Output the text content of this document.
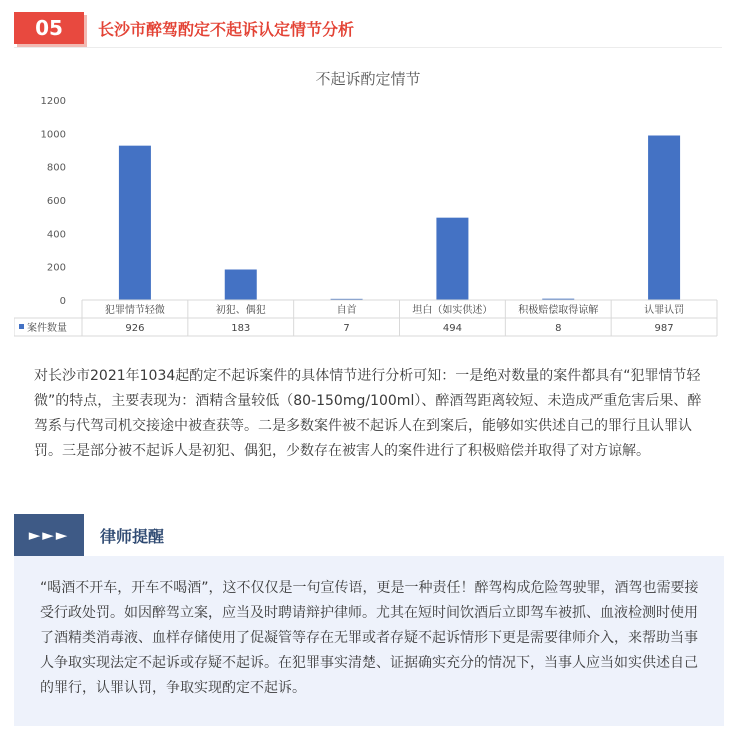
05	长沙市醉驾酌定不起诉认定情节分析
不起诉酌定情节
0
200
400
600
800
1000
1200
犯罪情节轻微
926
初犯、偶犯
183
自首
7
坦白（如实供述）
494
积极赔偿取得谅解
8
认罪认罚
987
案件数量
对长沙市2021年1034起酌定不起诉案件的具体情节进行分析可知：一是绝对数量的案件都具有“犯罪情节轻微”的特点，主要表现为：酒精含量较低（80-150mg/100ml）、醉酒驾距离较短、未造成严重危害后果、醉驾系与代驾司机交接途中被查获等。二是多数案件被不起诉人在到案后，能够如实供述自己的罪行且认罪认罚。三是部分被不起诉人是初犯、偶犯，少数存在被害人的案件进行了积极赔偿并取得了对方谅解。
►►►	律师提醒
“喝酒不开车，开车不喝酒”，这不仅仅是一句宣传语，更是一种责任！醉驾构成危险驾驶罪，酒驾也需要接受行政处罚。如因醉驾立案，应当及时聘请辩护律师。尤其在短时间饮酒后立即驾车被抓、血液检测时使用了酒精类消毒液、血样存储使用了促凝管等存在无罪或者存疑不起诉情形下更是需要律师介入，来帮助当事人争取实现法定不起诉或存疑不起诉。在犯罪事实清楚、证据确实充分的情况下，当事人应当如实供述自己的罪行，认罪认罚，争取实现酌定不起诉。
